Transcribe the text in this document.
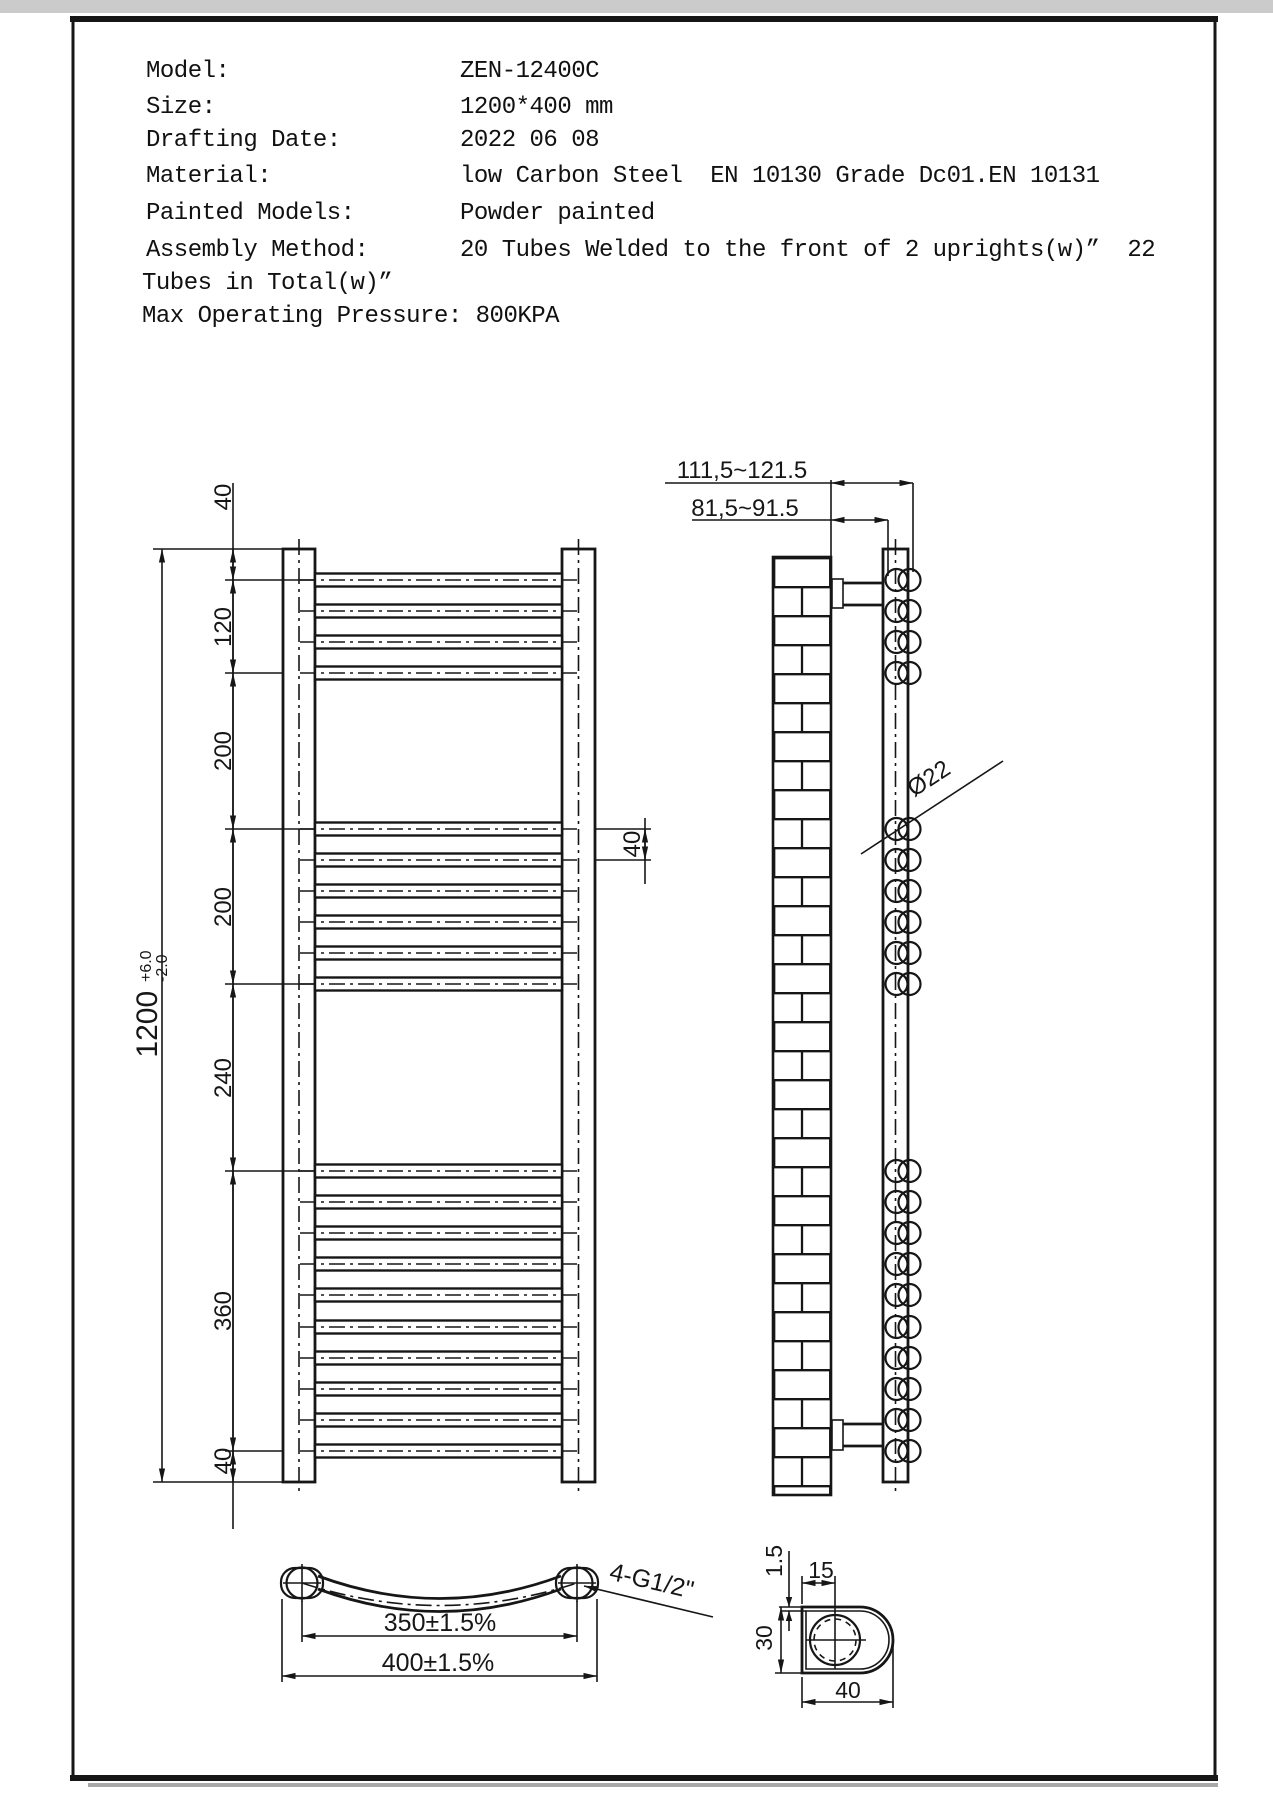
Model:

	ZEN-12400C

Size:

	1200*400 mm

Drafting Date:

	2022 06 08

Material:

	low Carbon Steel  EN 10130 Grade Dc01.EN 10131

Painted Models:

	Powder painted

Assembly Method:

	20 Tubes Welded to the front of 2 uprights(w)”  22

Tubes in Total(w)”

Max Operating Pressure: 800KPA

1200 +6.0 -2.0
40
120
200
200
240
360
40
40
111,5~121.5
81,5~91.5
Ø22
350±1.5%
400±1.5%
4-G1/2"	15
1.5
30
40
